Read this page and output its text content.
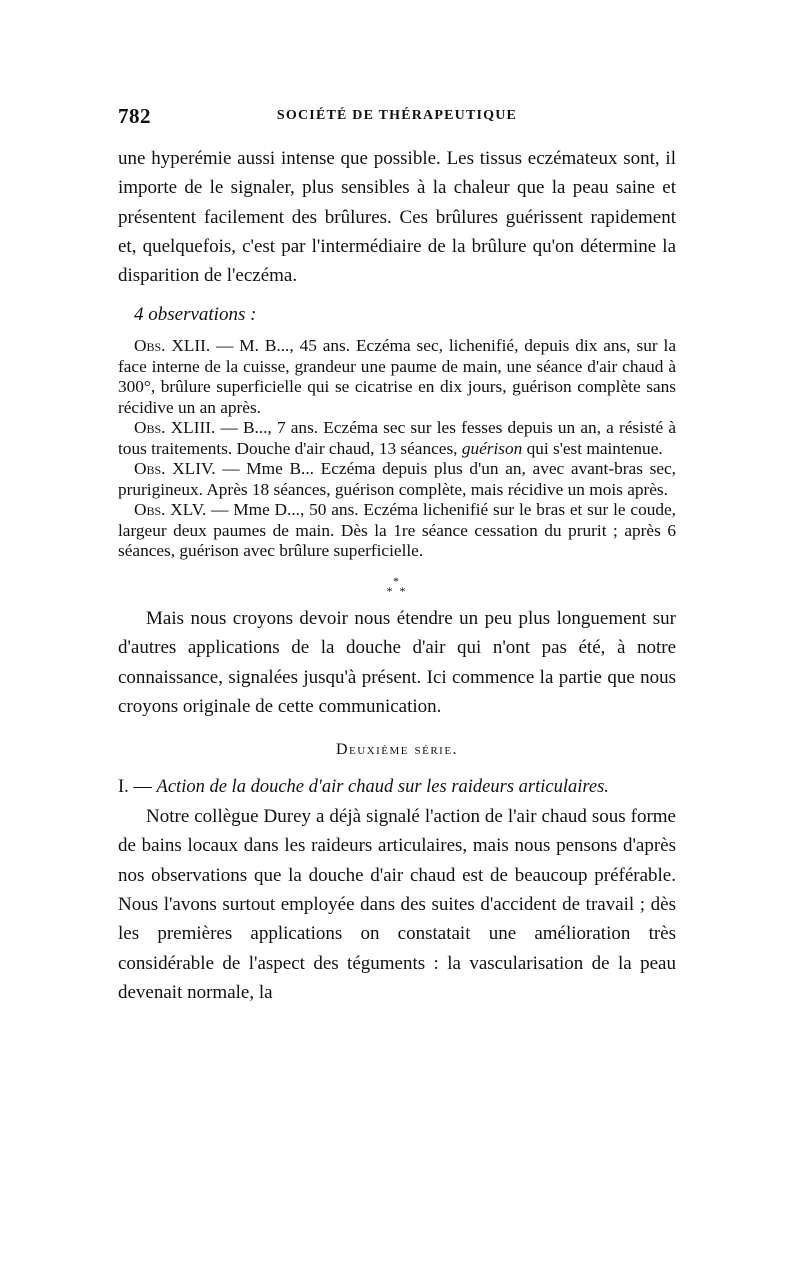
782	SOCIÉTÉ DE THÉRAPEUTIQUE

une hyperémie aussi intense que possible. Les tissus eczémateux sont, il importe de le signaler, plus sensibles à la chaleur que la peau saine et présentent facilement des brûlures. Ces brûlures guérissent rapidement et, quelquefois, c'est par l'intermédiaire de la brûlure qu'on détermine la disparition de l'eczéma.

4 observations :

Obs. XLII. — M. B..., 45 ans. Eczéma sec, lichenifié, depuis dix ans, sur la face interne de la cuisse, grandeur une paume de main, une séance d'air chaud à 300°, brûlure superficielle qui se cicatrise en dix jours, guérison complète sans récidive un an après.

Obs. XLIII. — B..., 7 ans. Eczéma sec sur les fesses depuis un an, a résisté à tous traitements. Douche d'air chaud, 13 séances, guérison qui s'est maintenue.

Obs. XLIV. — Mme B... Eczéma depuis plus d'un an, avec avant-bras sec, prurigineux. Après 18 séances, guérison complète, mais récidive un mois après.

Obs. XLV. — Mme D..., 50 ans. Eczéma lichenifié sur le bras et sur le coude, largeur deux paumes de main. Dès la 1re séance cessation du prurit ; après 6 séances, guérison avec brûlure superficielle.

*
* *

Mais nous croyons devoir nous étendre un peu plus longuement sur d'autres applications de la douche d'air qui n'ont pas été, à notre connaissance, signalées jusqu'à présent. Ici commence la partie que nous croyons originale de cette communication.

Deuxième série.

I. — Action de la douche d'air chaud sur les raideurs articulaires.

Notre collègue Durey a déjà signalé l'action de l'air chaud sous forme de bains locaux dans les raideurs articulaires, mais nous pensons d'après nos observations que la douche d'air chaud est de beaucoup préférable. Nous l'avons surtout employée dans des suites d'accident de travail ; dès les premières applications on constatait une amélioration très considérable de l'aspect des téguments : la vascularisation de la peau devenait normale, la
